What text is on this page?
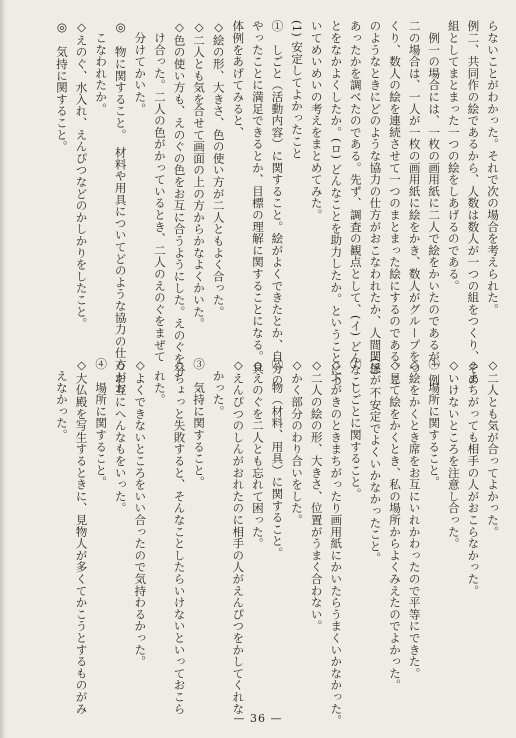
らないことがわかった。それで次の場合を考えられた。
例二、共同作の絵であるから、人数は数人が一つの組をつくり、その
組としてまとまった一つの絵をしあげるのである。
　例一の場合には、一枚の画用紙に二人で絵をかいたのであるが、例
二の場合は、一人が一枚の画用紙に絵をかき、数人がグループをつ
くり、数人の絵を連続させて一つのまとまった絵にするのである。こ
のようなときにどのような協力の仕方がおこなわれたか、人間関係が
あったかを調べたのである。先ず、調査の観点として、(イ) どんなこ
とをなかよくしたか。(ロ) どんなことを助力したか。ということにつ
いてめいめいの考えをまとめてみた。
(1) 安定してよかったこと
①　しごと（活動内容）に関すること。絵がよくできたとか、自分の
やったことに満足できるとか、目標の理解に関することになる。具
体例をあげてみると、
◇絵の形、大きさ、色の使い方が二人ともよく合った。
◇二人とも気を合せて画面の上の方からかなよくかいた。
◇色の使い方も、えのぐの色をお互に合うようにした。えのぐを分
　け合った。二人の色がかっているとき、二人のえのぐをまぜて
　分けてかいた。
◎　物に関すること。　材料や用具についてどのような協力の仕方がお
　こなわれたか。
◇えのぐ、水入れ、えんぴつなどのかしかりをしたこと。
◎　気持に関すること。
◇二人とも気が合ってよかった。
◇まちがっても相手の人がおこらなかった。
◇いけないところを注意し合った。
④　場所に関すること。
◇絵をかくとき席をお互にいれかわったので平等にできた。
◇見て絵をかくとき、私の場所からよくみえたのでよかった。
(2)　不安定でよくいかなかったこと。
①　しごとに関すること。
◇下がきのときまちがったり画用紙にかいたらうまくいかなかった。
◇二人の絵の形、大きさ、位置がうまく合わない。
◇かく部分のわり合いをした。
②　物（材料、用具）に関すること。
◇えのぐを二人とも忘れて困った。
◇えんぴつのしんがおれたのに相手の人がえんぴつをかしてくれな
　かった。
③　気持に関すること。
◇ちょっと失敗すると、そんなことしたらいけないといっておこら
　れた。
◇よくできないところをいい合ったので気持わるかった。
◇お互にへんなもをいった。
④　場所に関すること。
◇大仏殿を写生するときに、見物人が多くてかこうとするものがみ
　えなかった。
— 36 —
